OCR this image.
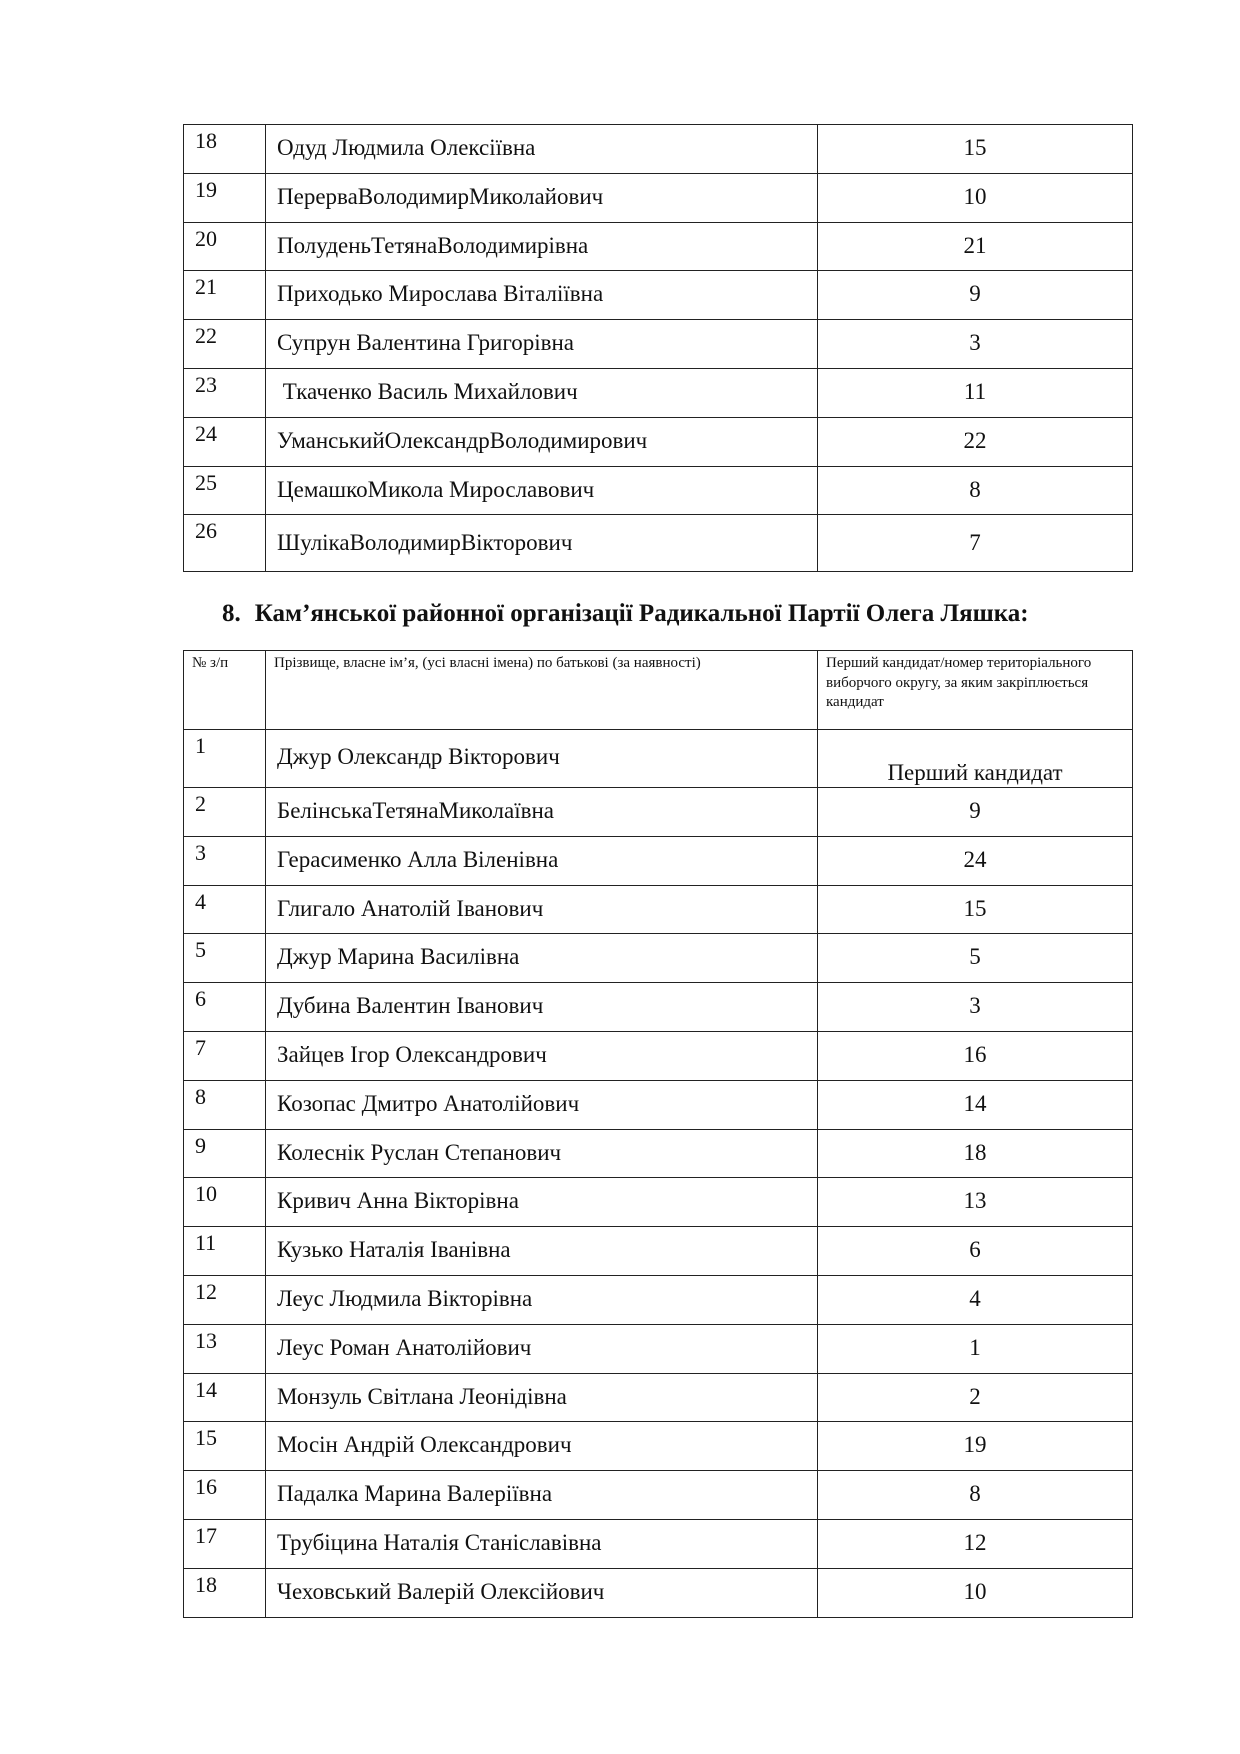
18	Одуд Людмила Олексіївна	15
19	ПерерваВолодимирМиколайович	10
20	ПолуденьТетянаВолодимирівна	21
21	Приходько Мирослава Віталіївна	9
22	Супрун Валентина Григорівна	3
23	Ткаченко Василь Михайлович	11
24	УманськийОлександрВолодимирович	22
25	ЦемашкоМикола Мирославович	8
26	ШулікаВолодимирВікторович	7
8. Кам’янської районної організації Радикальної Партії Олега Ляшка:
№ з/п	Прізвище, власне ім’я, (усі власні імена) по батькові (за наявності)	Перший кандидат/номер територіального виборчого округу, за яким закріплюється кандидат
1	Джур Олександр Вікторович	Перший кандидат
2	БелінськаТетянаМиколаївна	9
3	Герасименко Алла Віленівна	24
4	Глигало Анатолій Іванович	15
5	Джур Марина Василівна	5
6	Дубина Валентин Іванович	3
7	Зайцев Ігор Олександрович	16
8	Козопас Дмитро Анатолійович	14
9	Колеснік Руслан Степанович	18
10	Кривич Анна Вікторівна	13
11	Кузько Наталія Іванівна	6
12	Леус Людмила Вікторівна	4
13	Леус Роман Анатолійович	1
14	Монзуль Світлана Леонідівна	2
15	Мосін Андрій Олександрович	19
16	Падалка Марина Валеріївна	8
17	Трубіцина Наталія Станіславівна	12
18	Чеховський Валерій Олексійович	10
